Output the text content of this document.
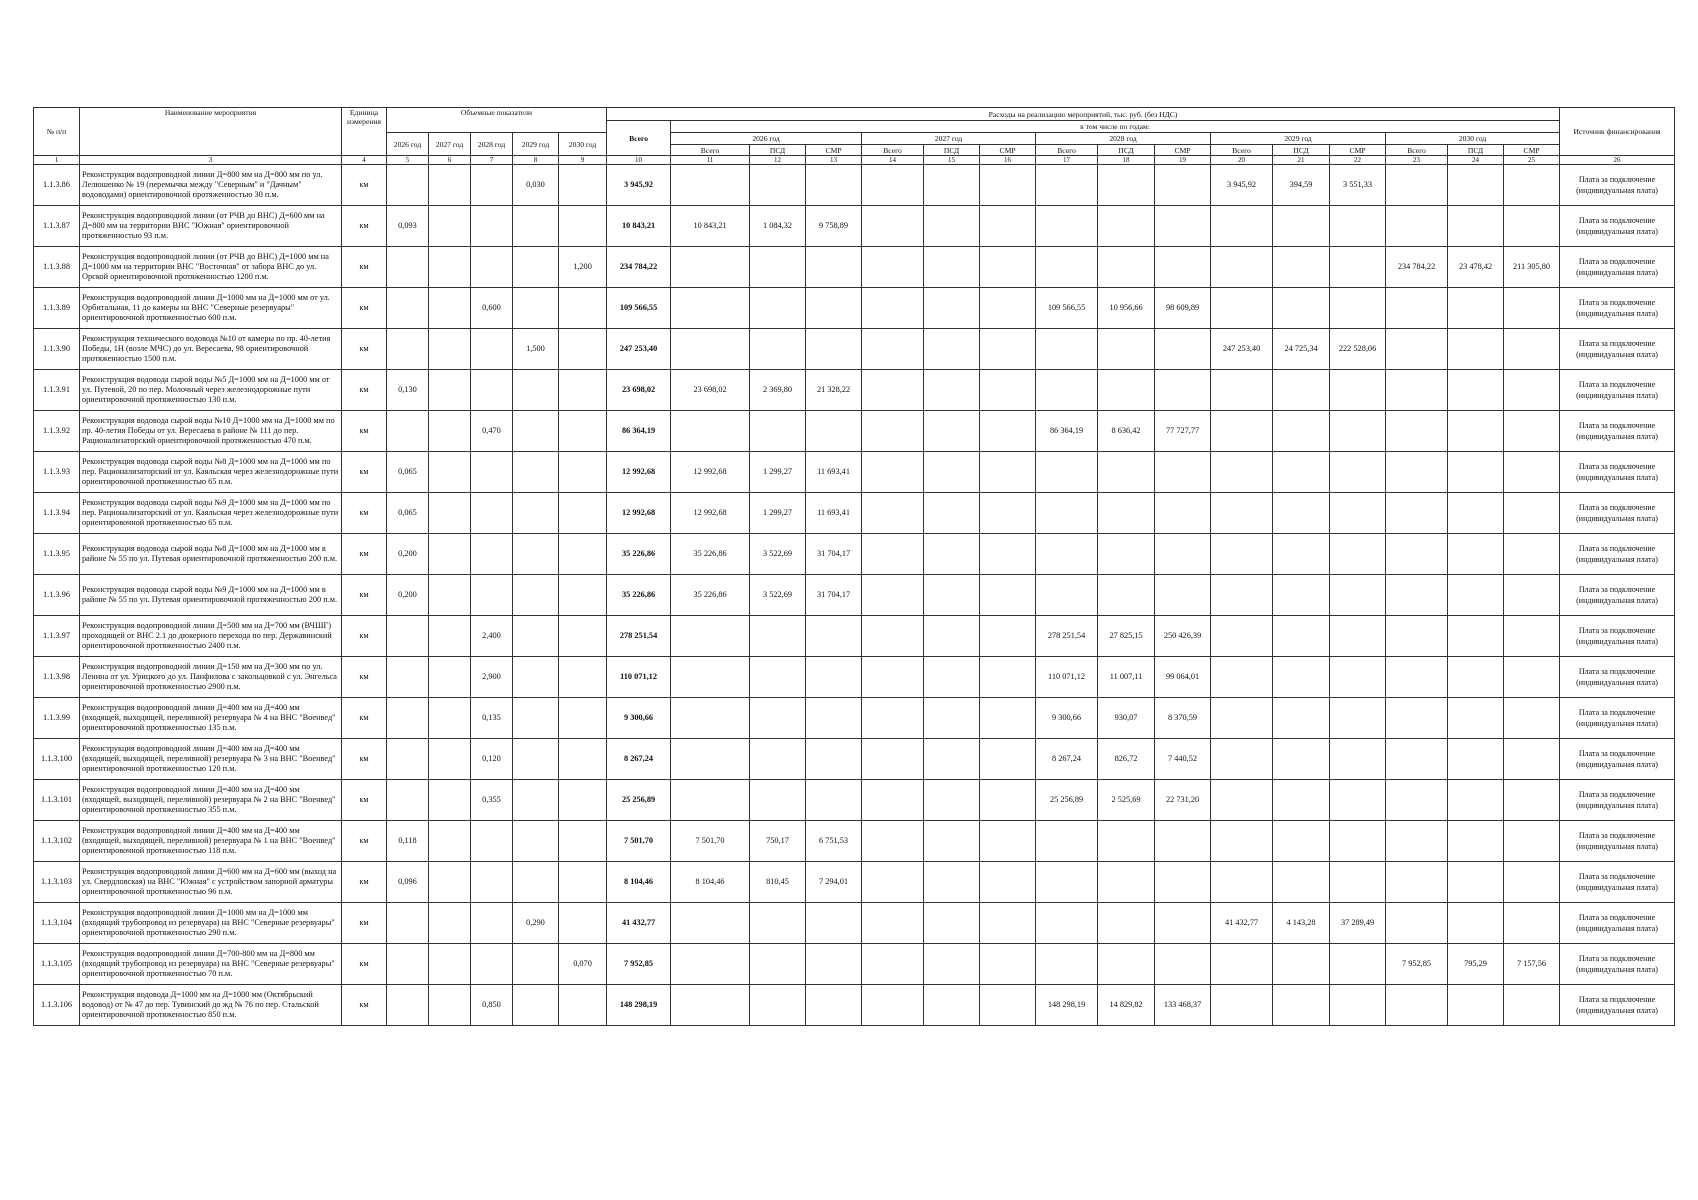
№ п/п	Наименование мероприятия	Единица измерения	Объемные показатели					Расходы на реализацию мероприятий, тыс. руб. (без НДС)																Источник финансирования
								Всего	в том числе по годам:															
			2026 год	2027 год	2028 год	2029 год	2030 год		2026 год			2027 год			2028 год			2029 год			2030 год			
									Всего	ПСД	СМР	Всего	ПСД	СМР	Всего	ПСД	СМР	Всего	ПСД	СМР	Всего	ПСД	СМР	
1	3	4	5	6	7	8	9	10	11	12	13	14	15	16	17	18	19	20	21	22	23	24	25	26
1.1.3.86	Реконструкция водопроводной линии Д=800 мм на Д=800 мм по ул. Лелюшенко № 19 (перемычка между "Северным" и "Дачным" водоводами) ориентировочной протяженностью 30 п.м.	км				0,030		3 945,92										3 945,92	394,59	3 551,33				Плата за подключение (индивидуальная плата)
1.1.3.87	Реконструкция водопроводной линии (от РЧВ до ВНС) Д=600 мм на Д=800 мм на территории ВНС "Южная" ориентировочной протяженностью 93 п.м.	км	0,093					10 843,21	10 843,21	1 084,32	9 758,89													Плата за подключение (индивидуальная плата)
1.1.3.88	Реконструкция водопроводной линии (от РЧВ до ВНС) Д=1000 мм на Д=1000 мм на территории ВНС "Восточная" от забора ВНС до ул. Орской ориентировочной протяженностью 1200 п.м.	км					1,200	234 784,22													234 784,22	23 478,42	211 305,80	Плата за подключение (индивидуальная плата)
1.1.3.89	Реконструкция водопроводной линии Д=1000 мм на Д=1000 мм от ул. Орбитальная, 11 до камеры на ВНС "Северные резервуары" ориентировочной протяженностью 600 п.м.	км			0,600			109 566,55							109 566,55	10 956,66	98 609,89							Плата за подключение (индивидуальная плата)
1.1.3.90	Реконструкция технического водовода №10 от камеры по пр. 40-летия Победы, 1Н (возле МЧС) до ул. Вересаева, 98 ориентировочной протяженностью 1500 п.м.	км				1,500		247 253,40										247 253,40	24 725,34	222 528,06				Плата за подключение (индивидуальная плата)
1.1.3.91	Реконструкция водовода сырой воды №5 Д=1000 мм на Д=1000 мм от ул. Путевой, 20 по пер. Молочный через железнодорожные пути ориентировочной протяженностью 130 п.м.	км	0,130					23 698,02	23 698,02	2 369,80	21 328,22													Плата за подключение (индивидуальная плата)
1.1.3.92	Реконструкция водовода сырой воды №10 Д=1000 мм на Д=1000 мм по пр. 40-летия Победы от ул. Вересаева в районе № 111 до пер. Рационализаторский ориентировочной протяженностью 470 п.м.	км			0,470			86 364,19							86 364,19	8 636,42	77 727,77							Плата за подключение (индивидуальная плата)
1.1.3.93	Реконструкция водовода сырой воды №8 Д=1000 мм на Д=1000 мм по пер. Рационализаторский от ул. Каяльская через железнодорожные пути ориентировочной протяженностью 65 п.м.	км	0,065					12 992,68	12 992,68	1 299,27	11 693,41													Плата за подключение (индивидуальная плата)
1.1.3.94	Реконструкция водовода сырой воды №9 Д=1000 мм на Д=1000 мм по пер. Рационализаторский от ул. Каяльская через железнодорожные пути ориентировочной протяженностью 65 п.м.	км	0,065					12 992,68	12 992,68	1 299,27	11 693,41													Плата за подключение (индивидуальная плата)
1.1.3.95	Реконструкция водовода сырой воды №8 Д=1000 мм на Д=1000 мм в районе № 55 по ул. Путевая ориентировочной протяженностью 200 п.м.	км	0,200					35 226,86	35 226,86	3 522,69	31 704,17													Плата за подключение (индивидуальная плата)
1.1.3.96	Реконструкция водовода сырой воды №9 Д=1000 мм на Д=1000 мм в районе № 55 по ул. Путевая ориентировочной протяженностью 200 п.м.	км	0,200					35 226,86	35 226,86	3 522,69	31 704,17													Плата за подключение (индивидуальная плата)
1.1.3.97	Реконструкция водопроводной линии Д=500 мм на Д=700 мм (ВЧШГ) проходящей от ВНС 2.1 до дюкерного перехода по пер. Державинский ориентировочной протяженностью 2400 п.м.	км			2,400			278 251,54							278 251,54	27 825,15	250 426,39							Плата за подключение (индивидуальная плата)
1.1.3.98	Реконструкция водопроводной линии Д=150 мм на Д=300 мм по ул. Ленина от ул. Урицкого до ул. Панфилова с закольцовкой с ул. Энгельса ориентировочной протяженностью 2900 п.м.	км			2,900			110 071,12							110 071,12	11 007,11	99 064,01							Плата за подключение (индивидуальная плата)
1.1.3.99	Реконструкция водопроводной линии Д=400 мм на Д=400 мм (входящей, выходящей, переливной) резервуара № 4 на ВНС "Военвед" ориентировочной протяженностью 135 п.м.	км			0,135			9 300,66							9 300,66	930,07	8 370,59							Плата за подключение (индивидуальная плата)
1.1.3.100	Реконструкция водопроводной линии Д=400 мм на Д=400 мм (входящей, выходящей, переливной) резервуара № 3 на ВНС "Военвед" ориентировочной протяженностью 120 п.м.	км			0,120			8 267,24							8 267,24	826,72	7 440,52							Плата за подключение (индивидуальная плата)
1.1.3.101	Реконструкция водопроводной линии Д=400 мм на Д=400 мм (входящей, выходящей, переливной) резервуара № 2 на ВНС "Военвед" ориентировочной протяженностью 355 п.м.	км			0,355			25 256,89							25 256,89	2 525,69	22 731,20							Плата за подключение (индивидуальная плата)
1.1.3.102	Реконструкция водопроводной линии Д=400 мм на Д=400 мм (входящей, выходящей, переливной) резервуара № 1 на ВНС "Военвед" ориентировочной протяженностью 118 п.м.	км	0,118					7 501,70	7 501,70	750,17	6 751,53													Плата за подключение (индивидуальная плата)
1.1.3.103	Реконструкция водопроводной линии Д=600 мм на Д=600 мм (выход на ул. Свердловская) на ВНС "Южная" с устройством запорной арматуры ориентировочной протяженностью 96 п.м.	км	0,096					8 104,46	8 104,46	810,45	7 294,01													Плата за подключение (индивидуальная плата)
1.1.3.104	Реконструкция водопроводной линии Д=1000 мм на Д=1000 мм (входящий трубопровод из резервуара) на ВНС "Северные резервуары" ориентировочной протяженностью 290 п.м.	км				0,290		41 432,77										41 432,77	4 143,28	37 289,49				Плата за подключение (индивидуальная плата)
1.1.3.105	Реконструкция водопроводной линии Д=700-800 мм на Д=800 мм (входящий трубопровод из резервуара) на ВНС "Северные резервуары" ориентировочной протяженностью 70 п.м.	км					0,070	7 952,85													7 952,85	795,29	7 157,56	Плата за подключение (индивидуальная плата)
1.1.3.106	Реконструкция водовода Д=1000 мм на Д=1000 мм (Октябрьский водовод) от № 47 до пер. Тувинский до жд № 76 по пер. Стальской ориентировочной протяженностью 850 п.м.	км			0,850			148 298,19							148 298,19	14 829,82	133 468,37							Плата за подключение (индивидуальная плата)
